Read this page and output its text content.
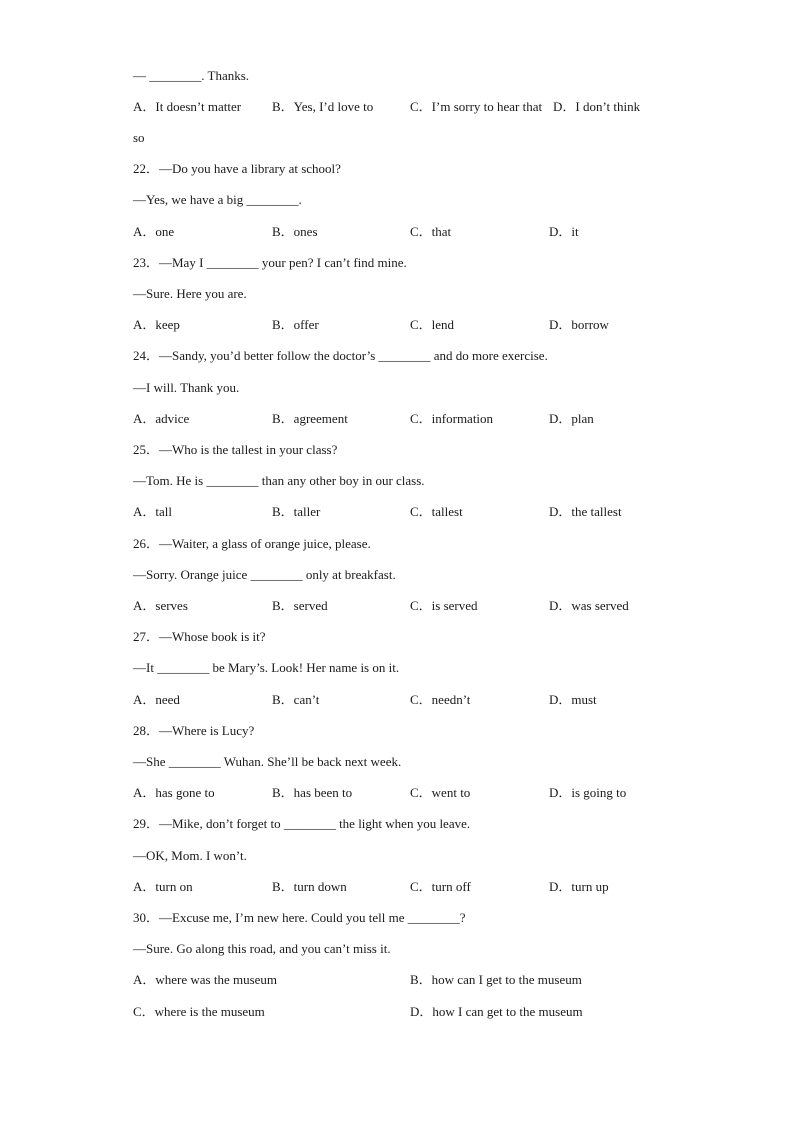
— ________. Thanks.
A．It doesn’t matter B．Yes, I’d love to	C．I’m sorry to hear that D．I don’t think
so
22．—Do you have a library at school?
—Yes, we have a big ________.
A．one	B．ones	C．that	D．it
23．—May I ________ your pen? I can’t find mine.
—Sure. Here you are.
A．keep	B．offer	C．lend	D．borrow
24．—Sandy, you’d better follow the doctor’s ________ and do more exercise.
—I will. Thank you.
A．advice	B．agreement	C．information	D．plan
25．—Who is the tallest in your class?
—Tom. He is ________ than any other boy in our class.
A．tall	B．taller	C．tallest	D．the tallest
26．—Waiter, a glass of orange juice, please.
—Sorry. Orange juice ________ only at breakfast.
A．serves	B．served	C．is served	D．was served
27．—Whose book is it?
—It ________ be Mary’s. Look! Her name is on it.
A．need	B．can’t	C．needn’t	D．must
28．—Where is Lucy?
—She ________ Wuhan. She’ll be back next week.
A．has gone to	B．has been to	C．went to	D．is going to
29．—Mike, don’t forget to ________ the light when you leave.
—OK, Mom. I won’t.
A．turn on	B．turn down	C．turn off	D．turn up
30．—Excuse me, I’m new here. Could you tell me ________?
—Sure. Go along this road, and you can’t miss it.
A．where was the museum	B．how can I get to the museum
C．where is the museum	D．how I can get to the museum
